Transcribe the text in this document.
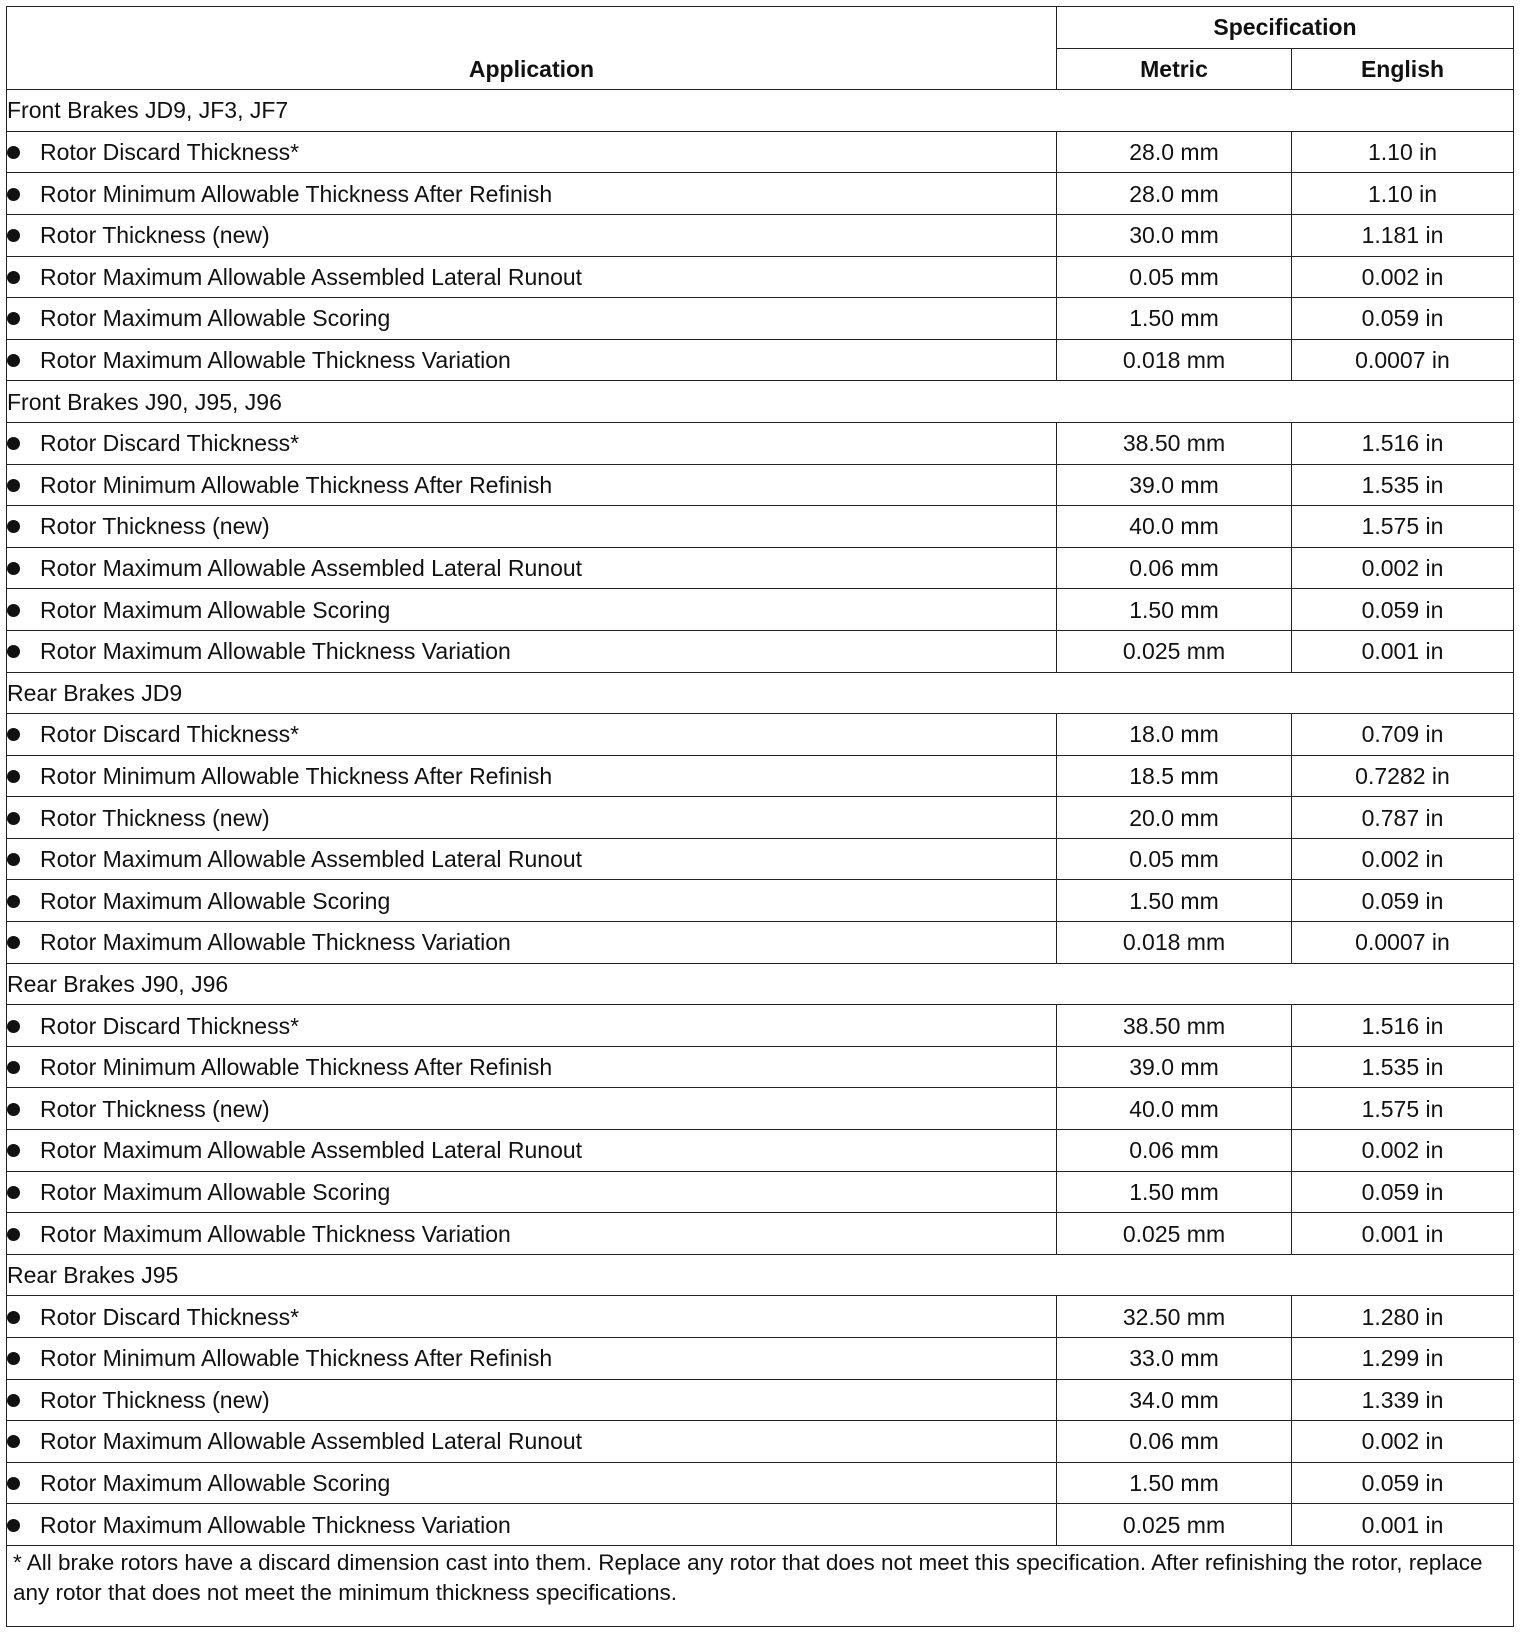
Application	Specification	
	Metric	English
Front Brakes JD9, JF3, JF7		
Rotor Discard Thickness*	28.0 mm	1.10 in
Rotor Minimum Allowable Thickness After Refinish	28.0 mm	1.10 in
Rotor Thickness (new)	30.0 mm	1.181 in
Rotor Maximum Allowable Assembled Lateral Runout	0.05 mm	0.002 in
Rotor Maximum Allowable Scoring	1.50 mm	0.059 in
Rotor Maximum Allowable Thickness Variation	0.018 mm	0.0007 in
Front Brakes J90, J95, J96		
Rotor Discard Thickness*	38.50 mm	1.516 in
Rotor Minimum Allowable Thickness After Refinish	39.0 mm	1.535 in
Rotor Thickness (new)	40.0 mm	1.575 in
Rotor Maximum Allowable Assembled Lateral Runout	0.06 mm	0.002 in
Rotor Maximum Allowable Scoring	1.50 mm	0.059 in
Rotor Maximum Allowable Thickness Variation	0.025 mm	0.001 in
Rear Brakes JD9		
Rotor Discard Thickness*	18.0 mm	0.709 in
Rotor Minimum Allowable Thickness After Refinish	18.5 mm	0.7282 in
Rotor Thickness (new)	20.0 mm	0.787 in
Rotor Maximum Allowable Assembled Lateral Runout	0.05 mm	0.002 in
Rotor Maximum Allowable Scoring	1.50 mm	0.059 in
Rotor Maximum Allowable Thickness Variation	0.018 mm	0.0007 in
Rear Brakes J90, J96		
Rotor Discard Thickness*	38.50 mm	1.516 in
Rotor Minimum Allowable Thickness After Refinish	39.0 mm	1.535 in
Rotor Thickness (new)	40.0 mm	1.575 in
Rotor Maximum Allowable Assembled Lateral Runout	0.06 mm	0.002 in
Rotor Maximum Allowable Scoring	1.50 mm	0.059 in
Rotor Maximum Allowable Thickness Variation	0.025 mm	0.001 in
Rear Brakes J95		
Rotor Discard Thickness*	32.50 mm	1.280 in
Rotor Minimum Allowable Thickness After Refinish	33.0 mm	1.299 in
Rotor Thickness (new)	34.0 mm	1.339 in
Rotor Maximum Allowable Assembled Lateral Runout	0.06 mm	0.002 in
Rotor Maximum Allowable Scoring	1.50 mm	0.059 in
Rotor Maximum Allowable Thickness Variation	0.025 mm	0.001 in
* All brake rotors have a discard dimension cast into them. Replace any rotor that does not meet this specification. After refinishing the rotor, replace any rotor that does not meet the minimum thickness specifications.		
